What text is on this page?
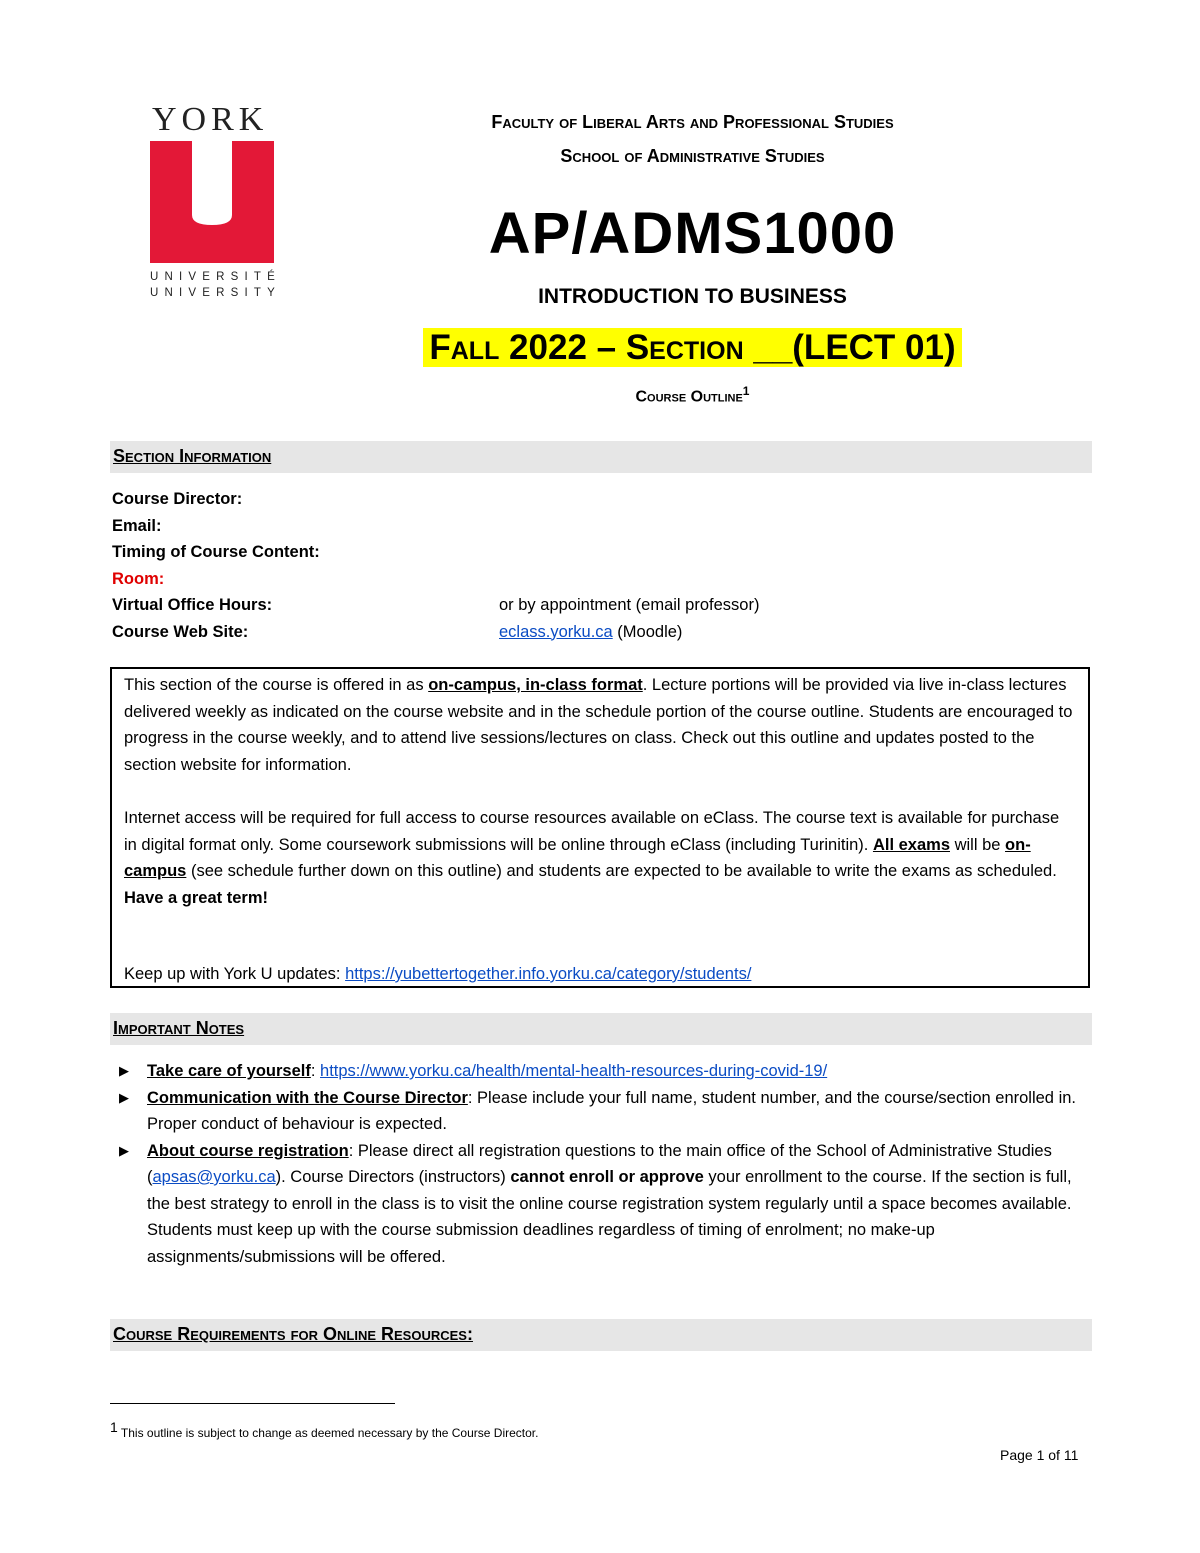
YORK
UNIVERSITÉ
UNIVERSITY
Faculty of Liberal Arts and Professional Studies
School of Administrative Studies
AP/ADMS1000
INTRODUCTION TO BUSINESS
Fall 2022 – Section __(LECT 01)
Course Outline$^1$
Section Information
Course Director:
Email:
Timing of Course Content:
Room:
Virtual Office Hours:	or by appointment (email professor)
Course Web Site:	eclass.yorku.ca (Moodle)

This section of the course is offered in as on-campus, in-class format. Lecture portions will be provided via live in-class lectures delivered weekly as indicated on the course website and in the schedule portion of the course outline. Students are encouraged to progress in the course weekly, and to attend live sessions/lectures on class. Check out this outline and updates posted to the section website for information.

Internet access will be required for full access to course resources available on eClass. The course text is available for purchase in digital format only. Some coursework submissions will be online through eClass (including Turinitin). All exams will be on-campus (see schedule further down on this outline) and students are expected to be available to write the exams as scheduled.
Have a great term!

Keep up with York U updates: https://yubettertogether.info.yorku.ca/category/students/

Important Notes
▶ Take care of yourself: https://www.yorku.ca/health/mental-health-resources-during-covid-19/
▶ Communication with the Course Director: Please include your full name, student number, and the course/section enrolled in. Proper conduct of behaviour is expected.
▶ About course registration: Please direct all registration questions to the main office of the School of Administrative Studies (apsas@yorku.ca). Course Directors (instructors) cannot enroll or approve your enrollment to the course. If the section is full, the best strategy to enroll in the class is to visit the online course registration system regularly until a space becomes available. Students must keep up with the course submission deadlines regardless of timing of enrolment; no make-up assignments/submissions will be offered.
Course Requirements for Online Resources:
$^1$ This outline is subject to change as deemed necessary by the Course Director.
Page 1 of 11
